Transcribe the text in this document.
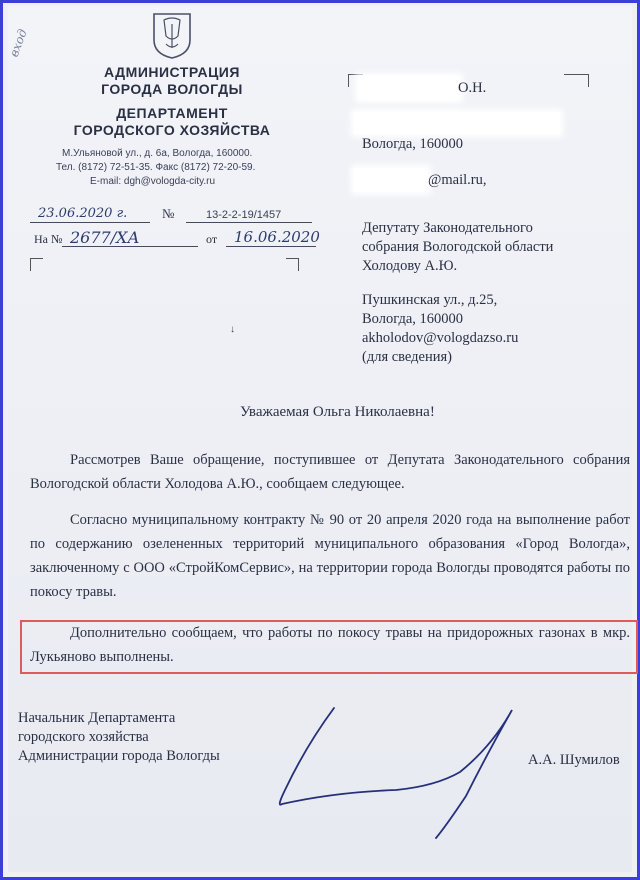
вход
АДМИНИСТРАЦИЯ
ГОРОДА ВОЛОГДЫ
ДЕПАРТАМЕНТ
ГОРОДСКОГО ХОЗЯЙСТВА
М.Ульяновой ул., д. 6а, Вологда, 160000.
Тел. (8172) 72-51-35. Факс (8172) 72-20-59.
E-mail: dgh@vologda-city.ru
23.06.2020 г.	№	13-2-2-19/1457
На № 2677/ХА	от 16.06.2020
↓
О.Н.
Вологда, 160000
@mail.ru,
Депутату Законодательного
собрания Вологодской области
Холодову А.Ю.
Пушкинская ул., д.25,
Вологда, 160000
akholodov@vologdazso.ru
(для сведения)
Уважаемая Ольга Николаевна!
Рассмотрев Ваше обращение, поступившее от Депутата Законодательного собрания Вологодской области Холодова А.Ю., сообщаем следующее.
Согласно муниципальному контракту № 90 от 20 апреля 2020 года на выполнение работ по содержанию озелененных территорий муниципального образования «Город Вологда», заключенному с ООО «СтройКомСервис», на территории города Вологды проводятся работы по покосу травы.
Дополнительно сообщаем, что работы по покосу травы на придорожных газонах в мкр. Лукьяново выполнены.
Начальник Департамента
городского хозяйства
Администрации города Вологды	А.А. Шумилов
